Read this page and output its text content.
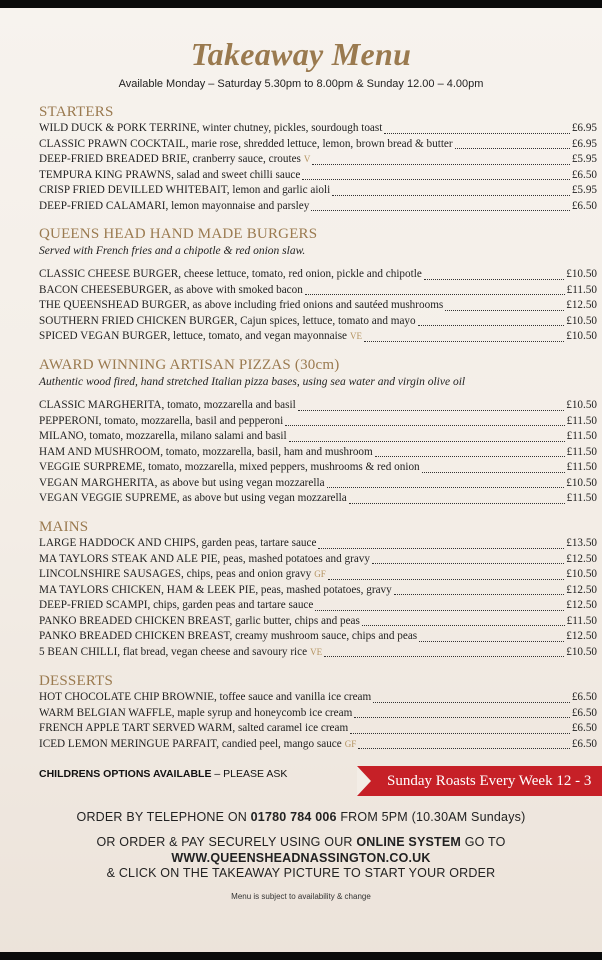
Takeaway Menu
Available Monday – Saturday 5.30pm to 8.00pm & Sunday 12.00 – 4.00pm
STARTERS
WILD DUCK & PORK TERRINE, winter chutney, pickles, sourdough toast	£6.95
CLASSIC PRAWN COCKTAIL, marie rose, shredded lettuce, lemon, brown bread & butter	£6.95
DEEP-FRIED BREADED BRIE, cranberry sauce, croutes V	£5.95
TEMPURA KING PRAWNS, salad and sweet chilli sauce	£6.50
CRISP FRIED DEVILLED WHITEBAIT, lemon and garlic aioli	£5.95
DEEP-FRIED CALAMARI, lemon mayonnaise and parsley	£6.50
QUEENS HEAD HAND MADE BURGERS
Served with French fries and a chipotle & red onion slaw.
CLASSIC CHEESE BURGER, cheese lettuce, tomato, red onion, pickle and chipotle	£10.50
BACON CHEESEBURGER, as above with smoked bacon	£11.50
THE QUEENSHEAD BURGER, as above including fried onions and sautéed mushrooms	£12.50
SOUTHERN FRIED CHICKEN BURGER, Cajun spices, lettuce, tomato and mayo	£10.50
SPICED VEGAN BURGER, lettuce, tomato, and vegan mayonnaise VE	£10.50
AWARD WINNING ARTISAN PIZZAS (30cm)
Authentic wood fired, hand stretched Italian pizza bases, using sea water and virgin olive oil
CLASSIC MARGHERITA, tomato, mozzarella and basil	£10.50
PEPPERONI, tomato, mozzarella, basil and pepperoni	£11.50
MILANO, tomato, mozzarella, milano salami and basil	£11.50
HAM AND MUSHROOM, tomato, mozzarella, basil, ham and mushroom	£11.50
VEGGIE SURPREME, tomato, mozzarella, mixed peppers, mushrooms & red onion	£11.50
VEGAN MARGHERITA, as above but using vegan mozzarella	£10.50
VEGAN VEGGIE SUPREME, as above but using vegan mozzarella	£11.50
MAINS
LARGE HADDOCK AND CHIPS, garden peas, tartare sauce	£13.50
MA TAYLORS STEAK AND ALE PIE, peas, mashed potatoes and gravy	£12.50
LINCOLNSHIRE SAUSAGES, chips, peas and onion gravy GF	£10.50
MA TAYLORS CHICKEN, HAM & LEEK PIE, peas, mashed potatoes, gravy	£12.50
DEEP-FRIED SCAMPI, chips, garden peas and tartare sauce	£12.50
PANKO BREADED CHICKEN BREAST, garlic butter, chips and peas	£11.50
PANKO BREADED CHICKEN BREAST, creamy mushroom sauce, chips and peas	£12.50
5 BEAN CHILLI, flat bread, vegan cheese and savoury rice VE	£10.50
DESSERTS
HOT CHOCOLATE CHIP BROWNIE, toffee sauce and vanilla ice cream	£6.50
WARM BELGIAN WAFFLE, maple syrup and honeycomb ice cream	£6.50
FRENCH APPLE TART SERVED WARM, salted caramel ice cream	£6.50
ICED LEMON MERINGUE PARFAIT, candied peel, mango sauce GF	£6.50
CHILDRENS OPTIONS AVAILABLE – PLEASE ASK	Sunday Roasts Every Week 12 - 3
ORDER BY TELEPHONE ON 01780 784 006 FROM 5PM (10.30AM Sundays)
OR ORDER & PAY SECURELY USING OUR ONLINE SYSTEM GO TO
WWW.QUEENSHEADNASSINGTON.CO.UK
& CLICK ON THE TAKEAWAY PICTURE TO START YOUR ORDER
Menu is subject to availability & change
